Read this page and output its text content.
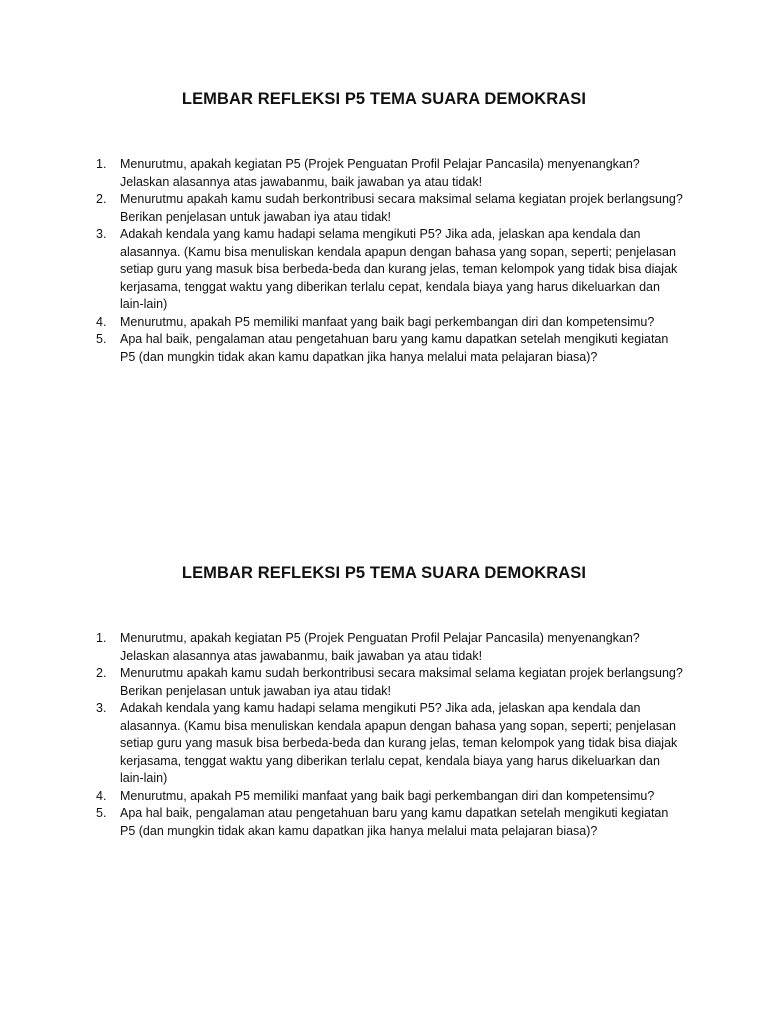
LEMBAR REFLEKSI P5 TEMA SUARA DEMOKRASI
1. Menurutmu, apakah kegiatan P5 (Projek Penguatan Profil Pelajar Pancasila) menyenangkan? Jelaskan alasannya atas jawabanmu, baik jawaban ya atau tidak!
2. Menurutmu apakah kamu sudah berkontribusi secara maksimal selama kegiatan projek berlangsung? Berikan penjelasan untuk jawaban iya atau tidak!
3. Adakah kendala yang kamu hadapi selama mengikuti P5? Jika ada, jelaskan apa kendala dan alasannya. (Kamu bisa menuliskan kendala apapun dengan bahasa yang sopan, seperti; penjelasan setiap guru yang masuk bisa berbeda-beda dan kurang jelas, teman kelompok yang tidak bisa diajak kerjasama, tenggat waktu yang diberikan terlalu cepat, kendala biaya yang harus dikeluarkan dan lain-lain)
4. Menurutmu, apakah P5 memiliki manfaat yang baik bagi perkembangan diri dan kompetensimu?
5. Apa hal baik, pengalaman atau pengetahuan baru yang kamu dapatkan setelah mengikuti kegiatan P5 (dan mungkin tidak akan kamu dapatkan jika hanya melalui mata pelajaran biasa)?
LEMBAR REFLEKSI P5 TEMA SUARA DEMOKRASI
1. Menurutmu, apakah kegiatan P5 (Projek Penguatan Profil Pelajar Pancasila) menyenangkan? Jelaskan alasannya atas jawabanmu, baik jawaban ya atau tidak!
2. Menurutmu apakah kamu sudah berkontribusi secara maksimal selama kegiatan projek berlangsung? Berikan penjelasan untuk jawaban iya atau tidak!
3. Adakah kendala yang kamu hadapi selama mengikuti P5? Jika ada, jelaskan apa kendala dan alasannya. (Kamu bisa menuliskan kendala apapun dengan bahasa yang sopan, seperti; penjelasan setiap guru yang masuk bisa berbeda-beda dan kurang jelas, teman kelompok yang tidak bisa diajak kerjasama, tenggat waktu yang diberikan terlalu cepat, kendala biaya yang harus dikeluarkan dan lain-lain)
4. Menurutmu, apakah P5 memiliki manfaat yang baik bagi perkembangan diri dan kompetensimu?
5. Apa hal baik, pengalaman atau pengetahuan baru yang kamu dapatkan setelah mengikuti kegiatan P5 (dan mungkin tidak akan kamu dapatkan jika hanya melalui mata pelajaran biasa)?
